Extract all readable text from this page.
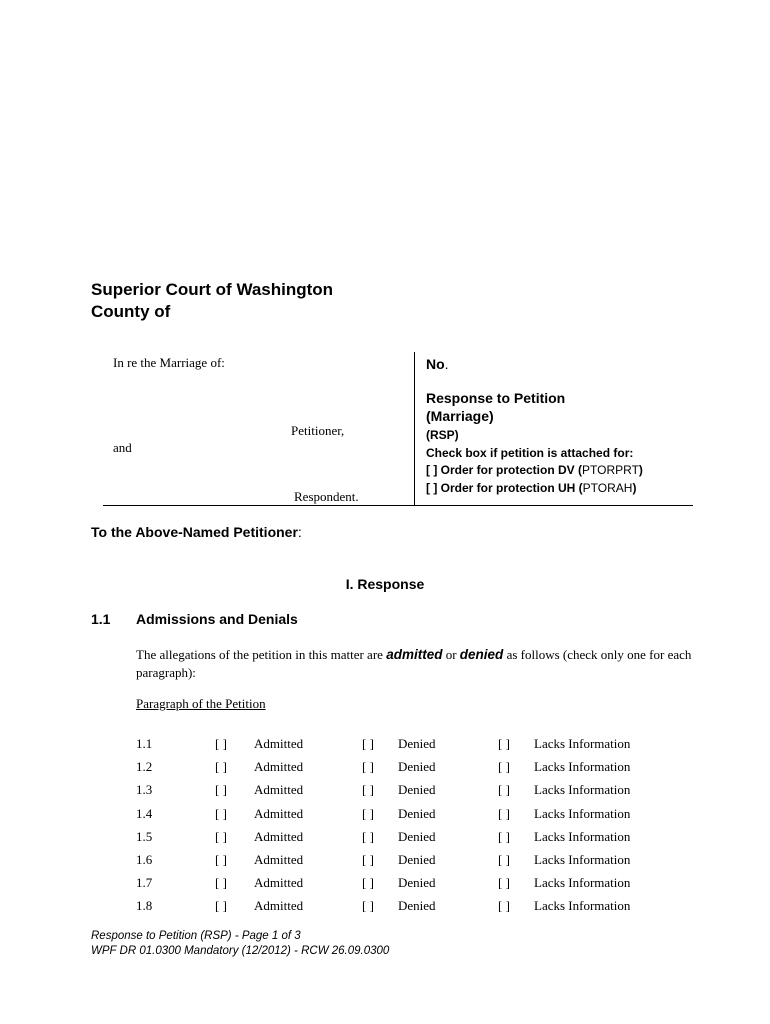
Superior Court of Washington
County of
In re the Marriage of:
Petitioner,
and
Respondent.
No.
Response to Petition
(Marriage)
(RSP)
Check box if petition is attached for:
[ ] Order for protection DV (PTORPRT)
[ ] Order for protection UH (PTORAH)
To the Above-Named Petitioner:
I. Response
1.1 Admissions and Denials
The allegations of the petition in this matter are admitted or denied as follows (check only one for each paragraph):
Paragraph of the Petition
1.1	[ ] Admitted	[ ] Denied	[ ] Lacks Information
1.2	[ ] Admitted	[ ] Denied	[ ] Lacks Information
1.3	[ ] Admitted	[ ] Denied	[ ] Lacks Information
1.4	[ ] Admitted	[ ] Denied	[ ] Lacks Information
1.5	[ ] Admitted	[ ] Denied	[ ] Lacks Information
1.6	[ ] Admitted	[ ] Denied	[ ] Lacks Information
1.7	[ ] Admitted	[ ] Denied	[ ] Lacks Information
1.8	[ ] Admitted	[ ] Denied	[ ] Lacks Information
Response to Petition (RSP) - Page 1 of 3
WPF DR 01.0300 Mandatory (12/2012) - RCW 26.09.0300
